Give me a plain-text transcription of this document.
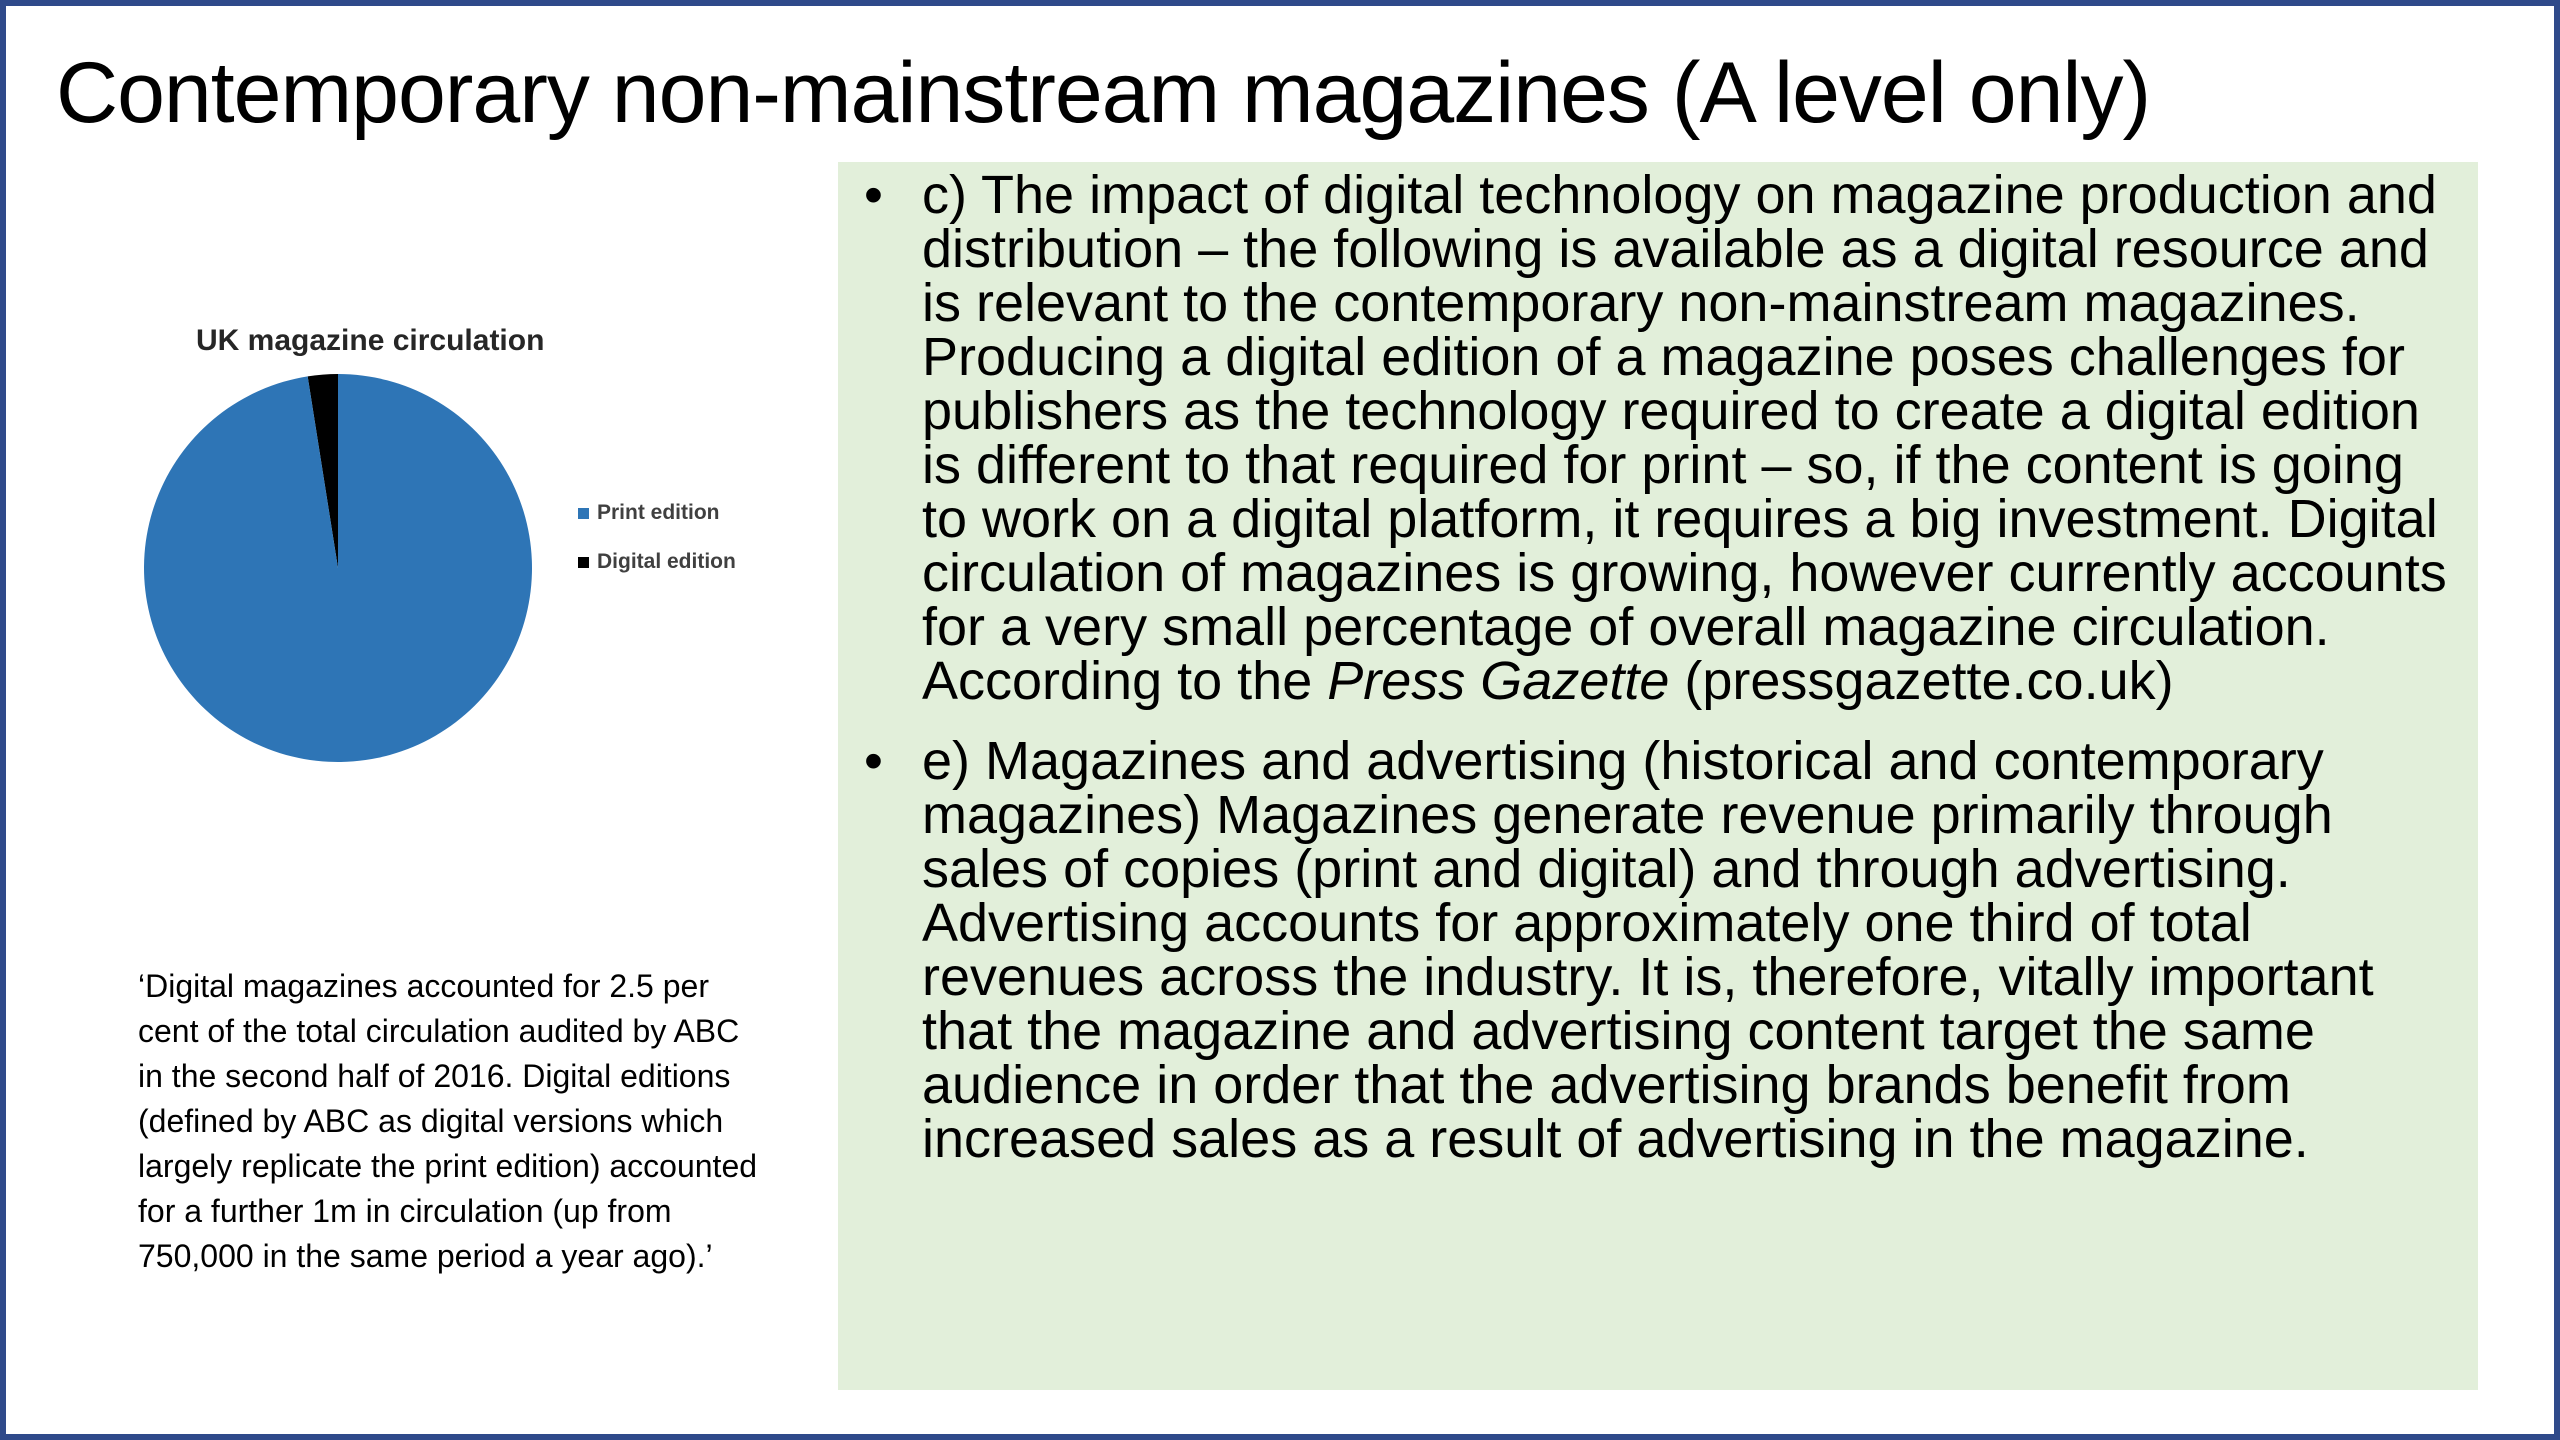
Contemporary non-mainstream magazines (A level only)
UK magazine circulation
Print edition
Digital edition
‘Digital magazines accounted for 2.5 per cent of the total circulation audited by ABC in the second half of 2016. Digital editions (defined by ABC as digital versions which largely replicate the print edition) accounted for a further 1m in circulation (up from 750,000 in the same period a year ago).’
• c) The impact of digital technology on magazine production and distribution – the following is available as a digital resource and is relevant to the contemporary non-mainstream magazines. Producing a digital edition of a magazine poses challenges for publishers as the technology required to create a digital edition is different to that required for print – so, if the content is going to work on a digital platform, it requires a big investment. Digital circulation of magazines is growing, however currently accounts for a very small percentage of overall magazine circulation. According to the Press Gazette (pressgazette.co.uk)
• e) Magazines and advertising (historical and contemporary magazines) Magazines generate revenue primarily through sales of copies (print and digital) and through advertising. Advertising accounts for approximately one third of total revenues across the industry. It is, therefore, vitally important that the magazine and advertising content target the same audience in order that the advertising brands benefit from increased sales as a result of advertising in the magazine.
